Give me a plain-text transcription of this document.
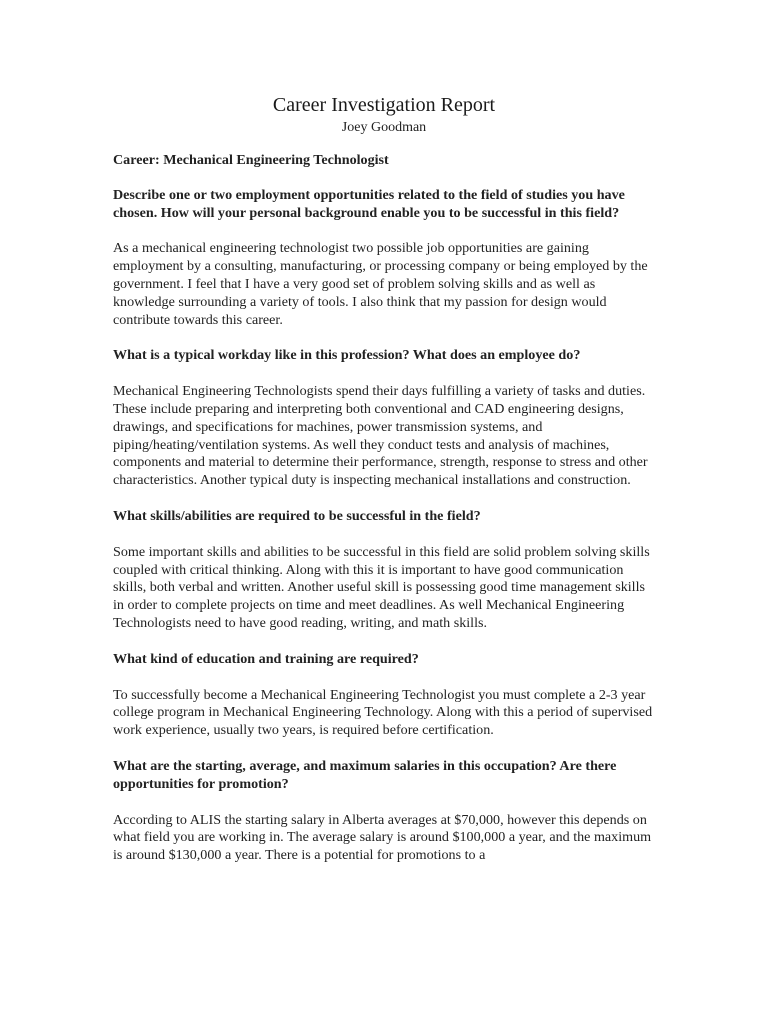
Career Investigation Report
Joey Goodman

Career: Mechanical Engineering Technologist

Describe one or two employment opportunities related to the field of studies you have chosen. How will your personal background enable you to be successful in this field?

As a mechanical engineering technologist two possible job opportunities are gaining employment by a consulting, manufacturing, or processing company or being employed by the government. I feel that I have a very good set of problem solving skills and as well as knowledge surrounding a variety of tools. I also think that my passion for design would contribute towards this career.

What is a typical workday like in this profession? What does an employee do?

Mechanical Engineering Technologists spend their days fulfilling a variety of tasks and duties. These include preparing and interpreting both conventional and CAD engineering designs, drawings, and specifications for machines, power transmission systems, and piping/heating/ventilation systems. As well they conduct tests and analysis of machines, components and material to determine their performance, strength, response to stress and other characteristics. Another typical duty is inspecting mechanical installations and construction.

What skills/abilities are required to be successful in the field?

Some important skills and abilities to be successful in this field are solid problem solving skills coupled with critical thinking. Along with this it is important to have good communication skills, both verbal and written. Another useful skill is possessing good time management skills in order to complete projects on time and meet deadlines. As well Mechanical Engineering Technologists need to have good reading, writing, and math skills.

What kind of education and training are required?

To successfully become a Mechanical Engineering Technologist you must complete a 2-3 year college program in Mechanical Engineering Technology. Along with this a period of supervised work experience, usually two years, is required before certification.

What are the starting, average, and maximum salaries in this occupation? Are there opportunities for promotion?

According to ALIS the starting salary in Alberta averages at $70,000, however this depends on what field you are working in. The average salary is around $100,000 a year, and the maximum is around $130,000 a year. There is a potential for promotions to a
